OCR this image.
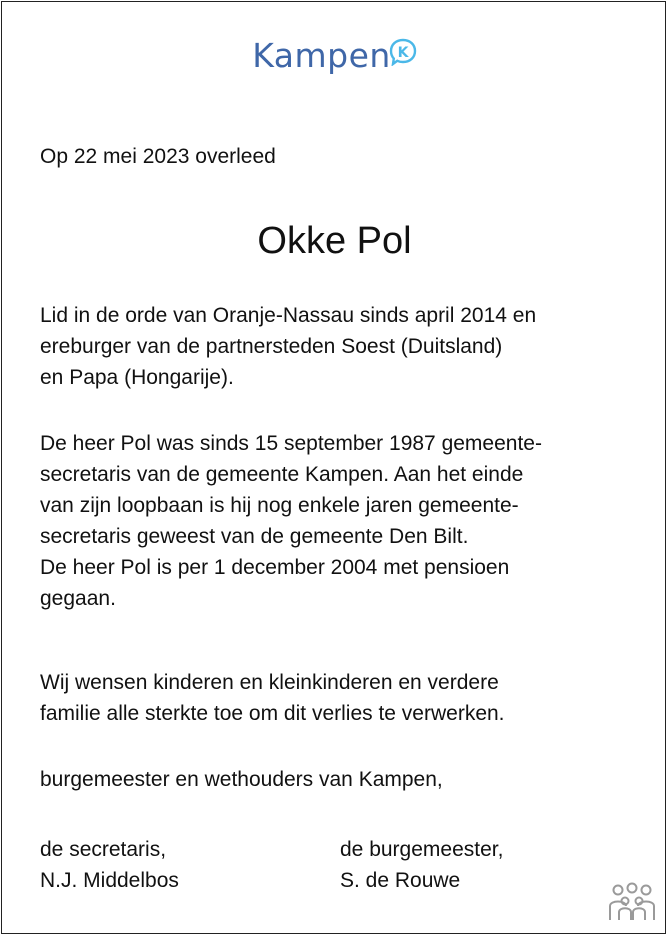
Kampen K
Op 22 mei 2023 overleed
Okke Pol
Lid in de orde van Oranje-Nassau sinds april 2014 en
ereburger van de partnersteden Soest (Duitsland)
en Papa (Hongarije).
De heer Pol was sinds 15 september 1987 gemeente-
secretaris van de gemeente Kampen. Aan het einde
van zijn loopbaan is hij nog enkele jaren gemeente-
secretaris geweest van de gemeente Den Bilt.
De heer Pol is per 1 december 2004 met pensioen
gegaan.
Wij wensen kinderen en kleinkinderen en verdere
familie alle sterkte toe om dit verlies te verwerken.
burgemeester en wethouders van Kampen,
de secretaris,
N.J. Middelbos
de burgemeester,
S. de Rouwe
